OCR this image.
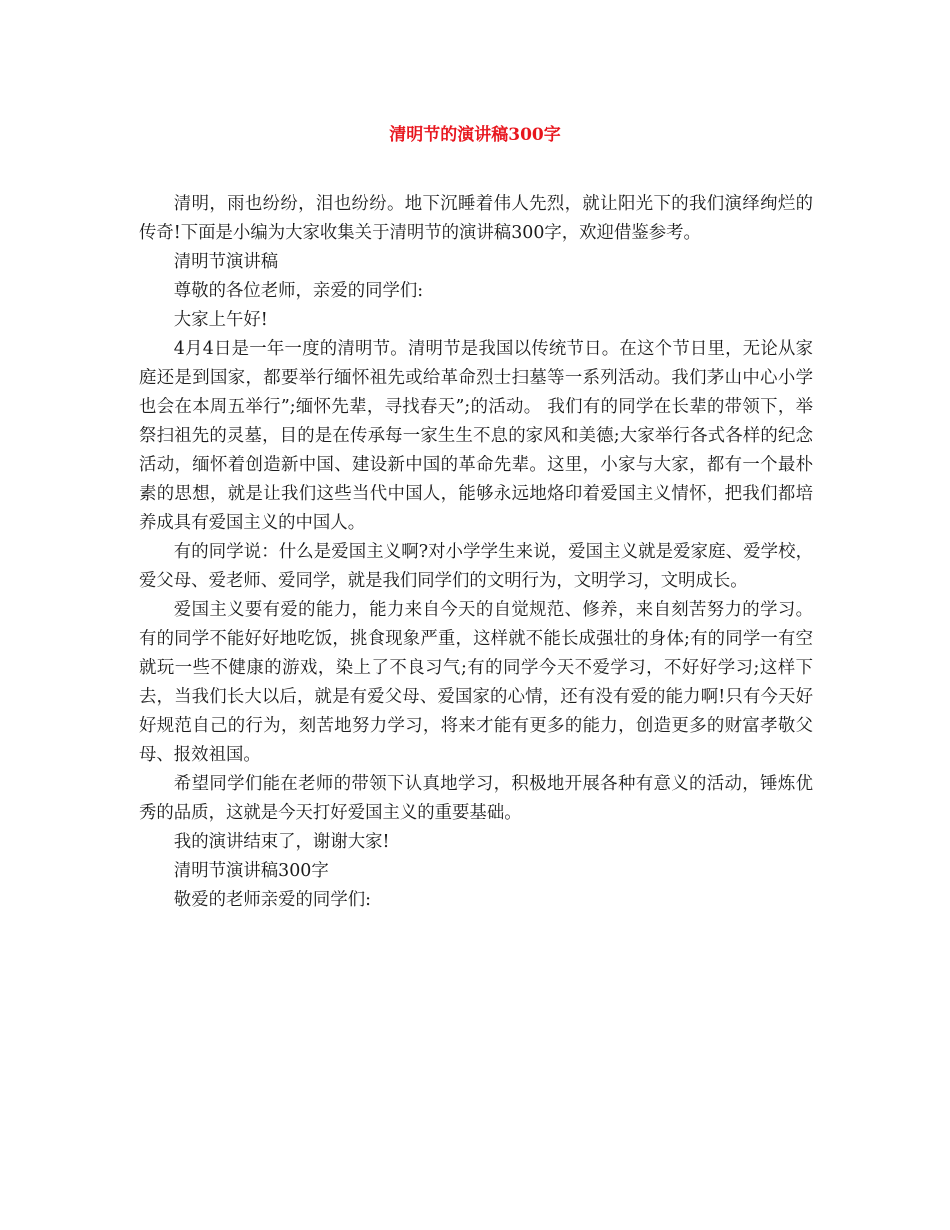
清明节的演讲稿300字

清明，雨也纷纷，泪也纷纷。地下沉睡着伟人先烈，就让阳光下的我们演绎绚烂的传奇!下面是小编为大家收集关于清明节的演讲稿300字，欢迎借鉴参考。

清明节演讲稿

尊敬的各位老师，亲爱的同学们:

大家上午好!

4月4日是一年一度的清明节。清明节是我国以传统节日。在这个节日里，无论从家庭还是到国家，都要举行缅怀祖先或给革命烈士扫墓等一系列活动。我们茅山中心小学也会在本周五举行”;缅怀先辈，寻找春天”;的活动。 我们有的同学在长辈的带领下，举祭扫祖先的灵墓，目的是在传承每一家生生不息的家风和美德;大家举行各式各样的纪念活动，缅怀着创造新中国、建设新中国的革命先辈。这里，小家与大家，都有一个最朴素的思想，就是让我们这些当代中国人，能够永远地烙印着爱国主义情怀，把我们都培养成具有爱国主义的中国人。

有的同学说：什么是爱国主义啊?对小学学生来说，爱国主义就是爱家庭、爱学校，爱父母、爱老师、爱同学，就是我们同学们的文明行为，文明学习，文明成长。

爱国主义要有爱的能力，能力来自今天的自觉规范、修养，来自刻苦努力的学习。有的同学不能好好地吃饭，挑食现象严重，这样就不能长成强壮的身体;有的同学一有空就玩一些不健康的游戏，染上了不良习气;有的同学今天不爱学习，不好好学习;这样下去，当我们长大以后，就是有爱父母、爱国家的心情，还有没有爱的能力啊!只有今天好好规范自己的行为，刻苦地努力学习，将来才能有更多的能力，创造更多的财富孝敬父母、报效祖国。

希望同学们能在老师的带领下认真地学习，积极地开展各种有意义的活动，锤炼优秀的品质，这就是今天打好爱国主义的重要基础。

我的演讲结束了，谢谢大家!

清明节演讲稿300字

敬爱的老师亲爱的同学们:
